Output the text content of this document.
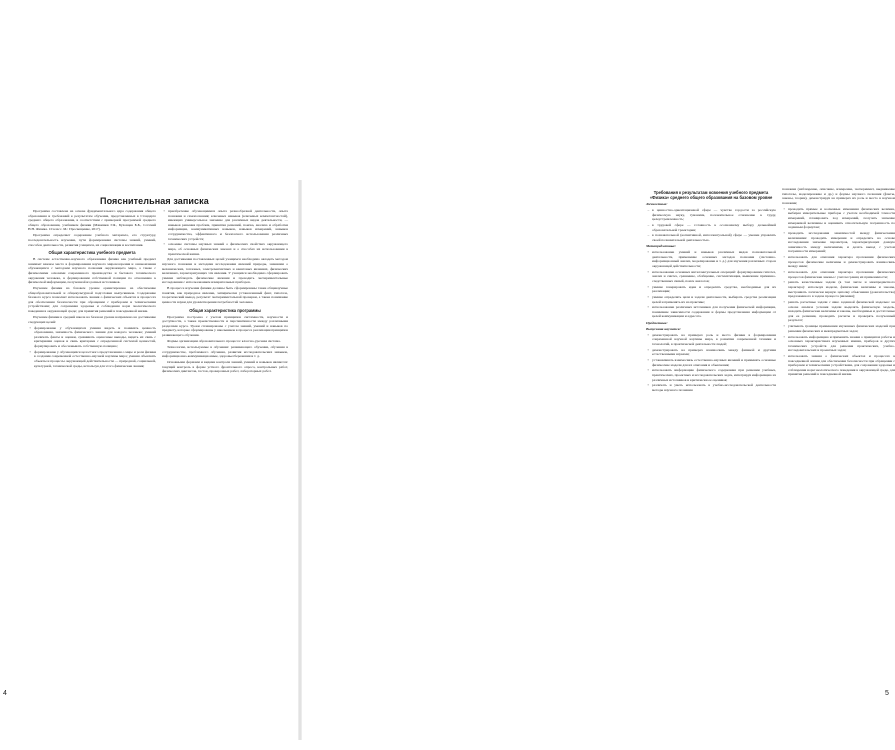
Пояснительная записка

Программа составлена на основе фундаментального ядра содержания общего образования и требований к результатам обучения, представленных в Стандарте среднего общего образования, в соответствии с примерной программой среднего общего образования, учебником физики (Мякишев Г.Я., Буховцев Б.Б., Сотский Н.Н. Физика. 10 класс. М.: Просвещение, 2017).

Программа определяет содержание учебного материала, его структуру, последовательность изучения, пути формирования системы знаний, умений, способов деятельности, развития учащихся, их социализации и воспитания.

Общая характеристика учебного предмета

В системе естественно-научного образования физика как учебный предмет занимает важное место в формировании научного мировоззрения и ознакомлении обучающихся с методами научного познания окружающего мира, а также с физическими основами современного производства и бытового технического окружения человека, в формировании собственной позиции по отношению к физической информации, полученной из разных источников.

Изучение физики на базовом уровне ориентировано на обеспечение общеобразовательной и общекультурной подготовки выпускников. Содержание базового курса позволяет использовать знания о физических объектах и процессах для обеспечения безопасности при обращении с приборами и техническими устройствами; для сохранения здоровья и соблюдения норм экологического поведения в окружающей среде; для принятия решений в повседневной жизни.

Изучение физики в средней школе на базовом уровне направлено на достижение следующих целей:

• формирование у обучающихся умения видеть и понимать ценность образования, значимость физического знания для каждого человека; умений различать факты и оценки, сравнивать оценочные выводы, видеть их связь с критериями оценок и связь критериев с определенной системой ценностей, формулировать и обосновывать собственную позицию;
• формирование у обучающихся целостного представления о мире и роли физики в создании современной естественно-научной картины мира; умения объяснять объекты и процессы окружающей действительности — природной, социальной, культурной, технической среды, используя для этого физические знания;
• приобретение обучающимися опыта разнообразной деятельности, опыта познания и самопознания; ключевых навыков (ключевых компетентностей), имеющих универсальное значение для различных видов деятельности, — навыков решения проблем, принятия решений, поиска, анализа и обработки информации, коммуникативных навыков, навыков измерений, навыков сотрудничества, эффективного и безопасного использования различных технических устройств;
• освоение системы научных знаний о физических свойствах окружающего мира, об основных физических законах и о способах их использования в практической жизни.

Для достижения поставленных целей учащимся необходимо овладеть методом научного познания и методами исследования явлений природы, знаниями о механических, тепловых, электромагнитных и квантовых явлениях, физических величинах, характеризующих эти явления. У учащихся необходимо сформировать умения наблюдать физические явления и проводить экспериментальные исследования с использованием измерительных приборов.

В процессе изучения физики должны быть сформированы такие общенаучные понятия, как природное явление, эмпирически установленный факт, гипотеза, теоретический вывод, результат экспериментальной проверки, а также понимание ценности науки для удовлетворения потребностей человека.

Общая характеристика программы

Программа построена с учетом принципов системности, научности и доступности, а также преемственности и перспективности между различными разделами курса. Уроки спланированы с учетом знаний, умений и навыков по предмету, которые сформированы у школьников в процессе реализации принципов развивающего обучения.

Формы организации образовательного процесса: классно-урочная система.

Технологии, используемые в обучении: развивающего обучения, обучения в сотрудничестве, проблемного обучения, развития исследовательских навыков, информационно-коммуникационные, здоровьесбережения и т. д.

Основными формами и видами контроля знаний, умений и навыков являются: текущий контроль в форме устного фронтального опроса, контрольных работ, физических диктантов, тестов, проверочных работ, лабораторных работ.

4

Требования к результатам освоения учебного предмета «Физика» среднего общего образования на базовом уровне

Личностные:

– в ценностно-ориентационной сфере — чувство гордости за российскую физическую науку, гуманизм, положительное отношение к труду, целеустремленность;
– в трудовой сфере — готовность к осознанному выбору дальнейшей образовательной траектории;
– в познавательной (когнитивной, интеллектуальной) сфере — умение управлять своей познавательной деятельностью.

Метапредметные:

• использование умений и навыков различных видов познавательной деятельности, применение основных методов познания (системно-информационный анализ, моделирование и т. д.) для изучения различных сторон окружающей действительности;
• использование основных интеллектуальных операций: формулирование гипотез, анализ и синтез, сравнение, обобщение, систематизация, выявление причинно-следственных связей, поиск аналогов;
• умение генерировать идеи и определять средства, необходимые для их реализации;
• умение определять цели и задачи деятельности, выбирать средства реализации целей и применять их на практике;
• использование различных источников для получения физической информации, понимание зависимости содержания и формы представления информации от целей коммуникации и адресата.

Предметные:

Выпускник научится:

• демонстрировать на примерах роль и место физики в формировании современной научной картины мира, в развитии современной техники и технологий, в практической деятельности людей;
• демонстрировать на примерах взаимосвязь между физикой и другими естественными науками;
• устанавливать взаимосвязь естественно-научных явлений и применять основные физические модели для их описания и объяснения;
• использовать информацию физического содержания при решении учебных, практических, проектных и исследовательских задач, интегрируя информацию из различных источников и критически ее оценивая;
• различать и уметь использовать в учебно-исследовательской деятельности методы научного познания

познания (наблюдение, описание, измерение, эксперимент, выдвижение гипотезы, моделирование и др.) и формы научного познания (факты, законы, теории), демонстрируя на примерах их роль и место в научном познании;

• проводить прямые и косвенные изменения физических величин, выбирая измерительные приборы с учетом необходимой точности измерений, планировать ход измерений, получать значение измеряемой величины и оценивать относительную погрешность по заданным формулам;
• проводить исследования зависимостей между физическими величинами: проводить измерения и определять на основе исследования значение параметров, характеризующих данную зависимость между величинами, и делать вывод с учетом погрешности измерений;
• использовать для описания характера протекания физических процессов физические величины и демонстрировать взаимосвязь между ними;
• использовать для описания характера протекания физических процессов физические законы с учетом границ их применимости;
• решать качественные задачи (в том числе и межпредметного характера): используя модели, физические величины и законы, выстраивать логически верную цепочку объяснения (доказательства) предложенного в задаче процесса (явления);
• решать расчетные задачи с явно заданной физической моделью: на основе анализа условия задачи выделять физическую модель, находить физические величины и законы, необходимые и достаточные для ее решения, проводить расчеты и проверять полученный результат;
• учитывать границы применения изученных физических моделей при решении физических и межпредметных задач;
• использовать информацию и применять знания о принципах работы и основных характеристиках изученных машин, приборов и других технических устройств для решения практических, учебно-исследовательских и проектных задач;
• использовать знания о физических объектах и процессах в повседневной жизни для обеспечения безопасности при обращении с приборами и техническими устройствами, для сохранения здоровья и соблюдения норм экологического поведения в окружающей среде, для принятия решений в повседневной жизни.
5
